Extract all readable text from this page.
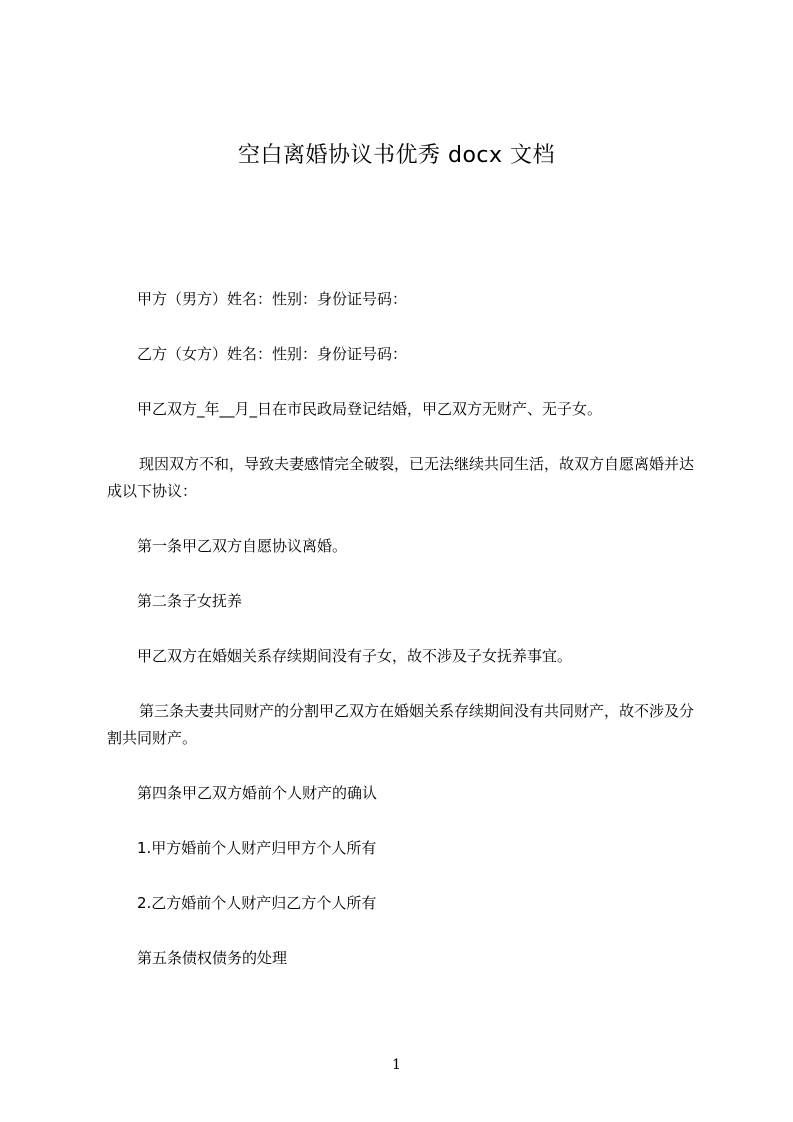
空白离婚协议书优秀 docx 文档

甲方（男方）姓名：性别：身份证号码：

乙方（女方）姓名：性别：身份证号码：

甲乙双方_年__月_日在市民政局登记结婚，甲乙双方无财产、无子女。

现因双方不和，导致夫妻感情完全破裂，已无法继续共同生活，故双方自愿离婚并达成以下协议：

第一条甲乙双方自愿协议离婚。

第二条子女抚养

甲乙双方在婚姻关系存续期间没有子女，故不涉及子女抚养事宜。

第三条夫妻共同财产的分割甲乙双方在婚姻关系存续期间没有共同财产，故不涉及分割共同财产。

第四条甲乙双方婚前个人财产的确认

1.甲方婚前个人财产归甲方个人所有

2.乙方婚前个人财产归乙方个人所有

第五条债权债务的处理

1
